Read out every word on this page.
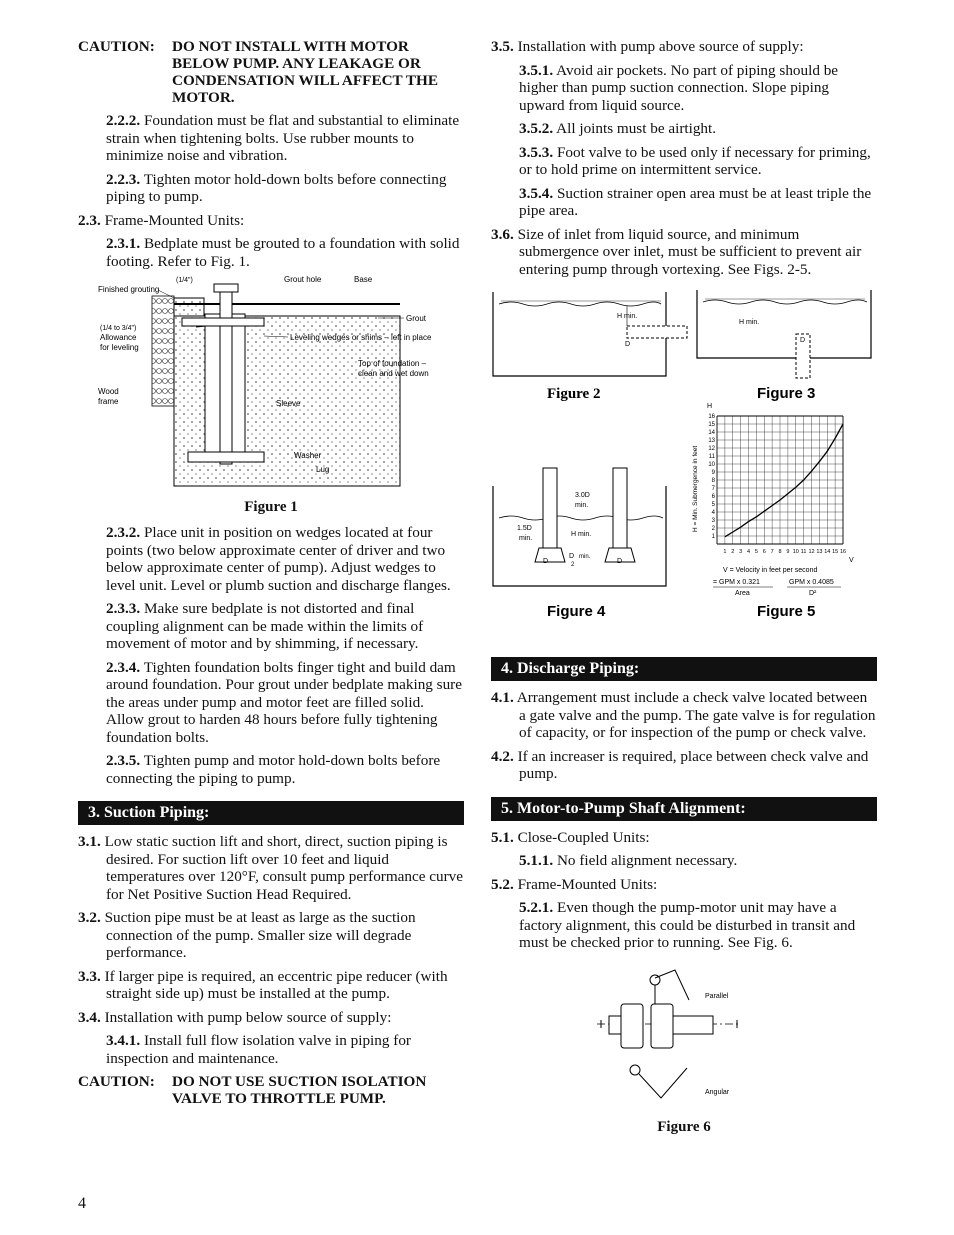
CAUTION:	DO NOT INSTALL WITH MOTOR BELOW PUMP. ANY LEAKAGE OR CONDENSATION WILL AFFECT THE MOTOR.

2.2.2. Foundation must be flat and substantial to eliminate strain when tightening bolts. Use rubber mounts to minimize noise and vibration.

2.2.3. Tighten motor hold-down bolts before connecting piping to pump.

2.3. Frame-Mounted Units:

2.3.1. Bedplate must be grouted to a foundation with solid footing. Refer to Fig. 1.

Finished grouting
(1/4")	Grout hole	Base
Grout
(1/4 to 3/4")
Allowance
for leveling
Leveling wedges or shims – left in place
Top of foundation –
clean and wet down
Wood
frame	Sleeve
Washer
Lug
Figure 1

2.3.2. Place unit in position on wedges located at four points (two below approximate center of driver and two below approximate center of pump). Adjust wedges to level unit. Level or plumb suction and discharge flanges.

2.3.3. Make sure bedplate is not distorted and final coupling alignment can be made within the limits of movement of motor and by shimming, if necessary.

2.3.4. Tighten foundation bolts finger tight and build dam around foundation. Pour grout under bedplate making sure the areas under pump and motor feet are filled solid. Allow grout to harden 48 hours before fully tightening foundation bolts.

2.3.5. Tighten pump and motor hold-down bolts before connecting the piping to pump.

3. Suction Piping:

3.1. Low static suction lift and short, direct, suction piping is desired. For suction lift over 10 feet and liquid temperatures over 120°F, consult pump performance curve for Net Positive Suction Head Required.

3.2. Suction pipe must be at least as large as the suction connection of the pump. Smaller size will degrade performance.

3.3. If larger pipe is required, an eccentric pipe reducer (with straight side up) must be installed at the pump.

3.4. Installation with pump below source of supply:

3.4.1. Install full flow isolation valve in piping for inspection and maintenance.

CAUTION:	DO NOT USE SUCTION ISOLATION VALVE TO THROTTLE PUMP.

3.5. Installation with pump above source of supply:

3.5.1. Avoid air pockets. No part of piping should be higher than pump suction connection. Slope piping upward from liquid source.

3.5.2. All joints must be airtight.

3.5.3. Foot valve to be used only if necessary for priming, or to hold prime on intermittent service.

3.5.4. Suction strainer open area must be at least triple the pipe area.

3.6. Size of inlet from liquid source, and minimum submergence over inlet, must be sufficient to prevent air entering pump through vortexing. See Figs. 2-5.

H min.
D
Figure 2
H min.
D
Figure 3
3.0D
min.
1.5D
min.
H min.
D
D min.
2	D
Figure 4
H
H = Min. Submergence in feet
1
2
3
4
5
6
7
8
9
10
11
12
13
14
15
16
1 2 3 4 5 6 7 8 9 10 11 12 13 14 15 16
V
V = Velocity in feet per second
= GPM x 0.321
Area
GPM x 0.4085
D²
Figure 5
4. Discharge Piping:

4.1. Arrangement must include a check valve located between a gate valve and the pump. The gate valve is for regulation of capacity, or for inspection of the pump or check valve.

4.2. If an increaser is required, place between check valve and pump.

5. Motor-to-Pump Shaft Alignment:

5.1. Close-Coupled Units:

5.1.1. No field alignment necessary.

5.2. Frame-Mounted Units:

5.2.1. Even though the pump-motor unit may have a factory alignment, this could be disturbed in transit and must be checked prior to running. See Fig. 6.

Parallel
Angular
Figure 6
4
